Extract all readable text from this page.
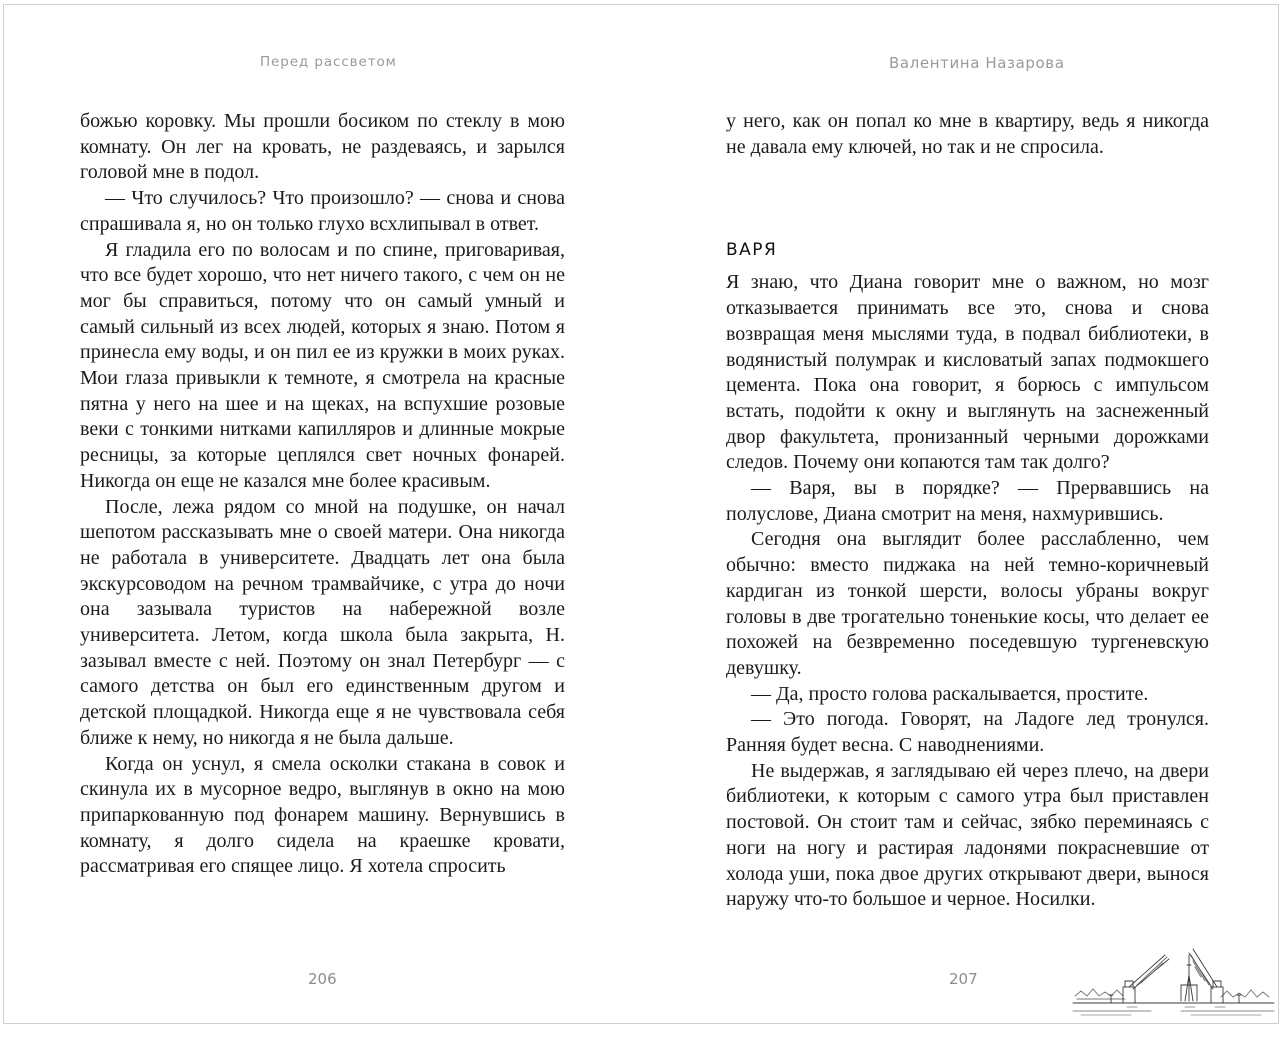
Перед рассветом

божью коровку. Мы прошли босиком по стеклу в мою комнату. Он лег на кровать, не раздеваясь, и зарылся головой мне в подол.

— Что случилось? Что произошло? — снова и снова спрашивала я, но он только глухо всхлипывал в ответ.

Я гладила его по волосам и по спине, приговаривая, что все будет хорошо, что нет ничего такого, с чем он не мог бы справиться, потому что он самый умный и самый сильный из всех людей, которых я знаю. Потом я принесла ему воды, и он пил ее из кружки в моих руках. Мои глаза привыкли к темноте, я смотрела на красные пятна у него на шее и на щеках, на вспухшие розовые веки с тонкими нитками капилляров и длинные мокрые ресницы, за которые цеплялся свет ночных фонарей. Никогда он еще не казался мне более красивым.

После, лежа рядом со мной на подушке, он начал шепотом рассказывать мне о своей матери. Она никогда не работала в университете. Двадцать лет она была экскурсоводом на речном трамвайчике, с утра до ночи она зазывала туристов на набережной возле университета. Летом, когда школа была закрыта, Н. зазывал вместе с ней. Поэтому он знал Петербург — с самого детства он был его единственным другом и детской площадкой. Никогда еще я не чувствовала себя ближе к нему, но никогда я не была дальше.

Когда он уснул, я смела осколки стакана в совок и скинула их в мусорное ведро, выглянув в окно на мою припаркованную под фонарем машину. Вернувшись в комнату, я долго сидела на краешке кровати, рассматривая его спящее лицо. Я хотела спросить

206
Валентина Назарова

у него, как он попал ко мне в квартиру, ведь я никогда не давала ему ключей, но так и не спросила.

ВАРЯ

Я знаю, что Диана говорит мне о важном, но мозг отказывается принимать все это, снова и снова возвращая меня мыслями туда, в подвал библиотеки, в водянистый полумрак и кисловатый запах подмокшего цемента. Пока она говорит, я борюсь с импульсом встать, подойти к окну и выглянуть на заснеженный двор факультета, пронизанный черными дорожками следов. Почему они копаются там так долго?

— Варя, вы в порядке? — Прервавшись на полуслове, Диана смотрит на меня, нахмурившись.

Сегодня она выглядит более расслабленно, чем обычно: вместо пиджака на ней темно-коричневый кардиган из тонкой шерсти, волосы убраны вокруг головы в две трогательно тоненькие косы, что делает ее похожей на безвременно поседевшую тургеневскую девушку.

— Да, просто голова раскалывается, простите.

— Это погода. Говорят, на Ладоге лед тронулся. Ранняя будет весна. С наводнениями.

Не выдержав, я заглядываю ей через плечо, на двери библиотеки, к которым с самого утра был приставлен постовой. Он стоит там и сейчас, зябко переминаясь с ноги на ногу и растирая ладонями покрасневшие от холода уши, пока двое других открывают двери, вынося наружу что-то большое и черное. Носилки.

207
